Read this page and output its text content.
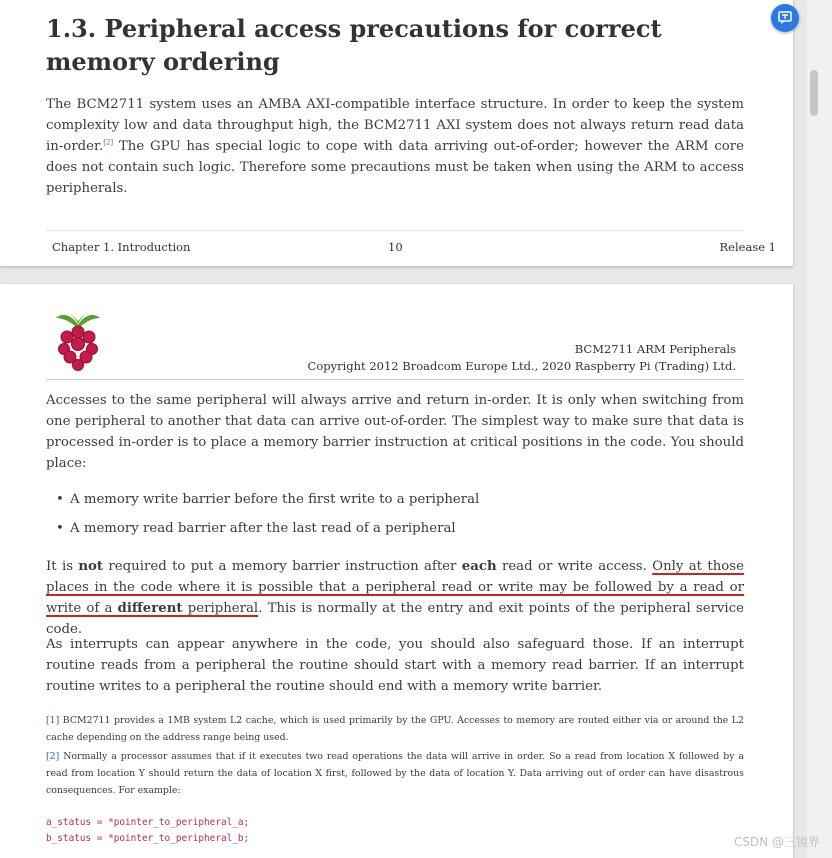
1.3. Peripheral access precautions for correct memory ordering
The BCM2711 system uses an AMBA AXI-compatible interface structure. In order to keep the system complexity low and data throughput high, the BCM2711 AXI system does not always return read data in-order.[2] The GPU has special logic to cope with data arriving out-of-order; however the ARM core does not contain such logic. Therefore some precautions must be taken when using the ARM to access peripherals.
Chapter 1. Introduction	10	Release 1
BCM2711 ARM Peripherals
Copyright 2012 Broadcom Europe Ltd., 2020 Raspberry Pi (Trading) Ltd.
Accesses to the same peripheral will always arrive and return in-order. It is only when switching from one peripheral to another that data can arrive out-of-order. The simplest way to make sure that data is processed in-order is to place a memory barrier instruction at critical positions in the code. You should place:
• A memory write barrier before the first write to a peripheral
• A memory read barrier after the last read of a peripheral
It is not required to put a memory barrier instruction after each read or write access. Only at those places in the code where it is possible that a peripheral read or write may be followed by a read or write of a different peripheral. This is normally at the entry and exit points of the peripheral service code.
As interrupts can appear anywhere in the code, you should also safeguard those. If an interrupt routine reads from a peripheral the routine should start with a memory read barrier. If an interrupt routine writes to a peripheral the routine should end with a memory write barrier.
[1] BCM2711 provides a 1MB system L2 cache, which is used primarily by the GPU. Accesses to memory are routed either via or around the L2 cache depending on the address range being used.
[2] Normally a processor assumes that if it executes two read operations the data will arrive in order. So a read from location X followed by a read from location Y should return the data of location X first, followed by the data of location Y. Data arriving out of order can have disastrous consequences. For example:
a_status = *pointer_to_peripheral_a;
b_status = *pointer_to_peripheral_b;	CSDN @三镜界
